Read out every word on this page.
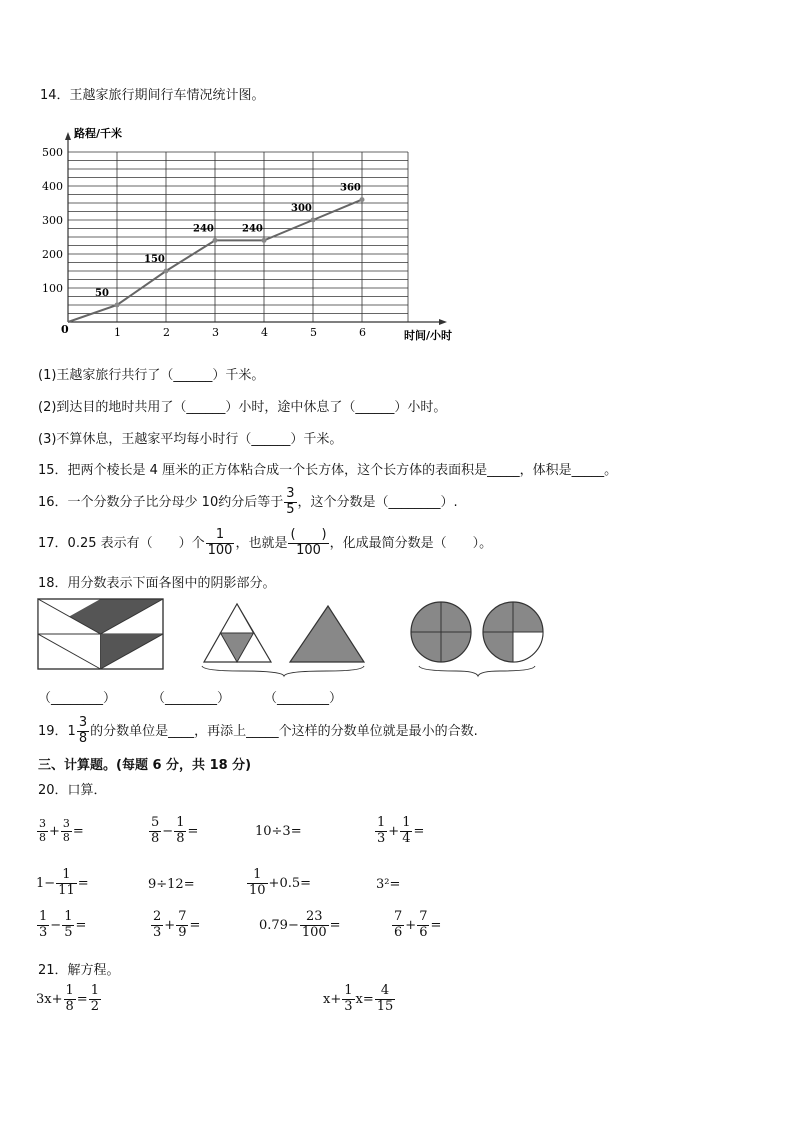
14．王越家旅行期间行车情况统计图。
100
200
300
400
500
1	2	3	4	5	6
50
150
240	240
300
360
路程/千米
时间/小时
0
(1)王越家旅行共行了（______）千米。
(2)到达目的地时共用了（______）小时，途中休息了（______）小时。
(3)不算休息，王越家平均每小时行（______）千米。
15．把两个棱长是 4 厘米的正方体粘合成一个长方体，这个长方体的表面积是_____，体积是_____。
16．一个分数分子比分母少 10约分后等于 $\frac{3}{5}$ ，这个分数是（________）.
17．0.25 表示有（　　）个 $\frac{1}{100}$ ，也就是 $\frac{( )}{100}$ ，化成最简分数是（　　）。
18．用分数表示下面各图中的阴影部分。
（________）	（________）	（________）
19．$1 \frac{3}{8}$ 的分数单位是____，再添上_____个这样的分数单位就是最小的合数.
三、计算题。(每题 6 分，共 18 分)
20．口算．
$\frac{3}{8} + \frac{3}{8}$ =	$\frac{5}{8} - \frac{1}{8}$ =	10÷3=	$\frac{1}{3} + \frac{1}{4}$ =
$1- \frac{1}{11}$ =	9÷12=	$\frac{1}{10} +0.5=$	3²=
$\frac{1}{3} - \frac{1}{5}$ =	$\frac{2}{3} + \frac{7}{9}$ =	$0.79- \frac{23}{100}$ =	$\frac{7}{6} + \frac{7}{6}$ =
21．解方程。
$3x+ \frac{1}{8} = \frac{1}{2}$	$x+ \frac{1}{3} x= \frac{4}{15}$
